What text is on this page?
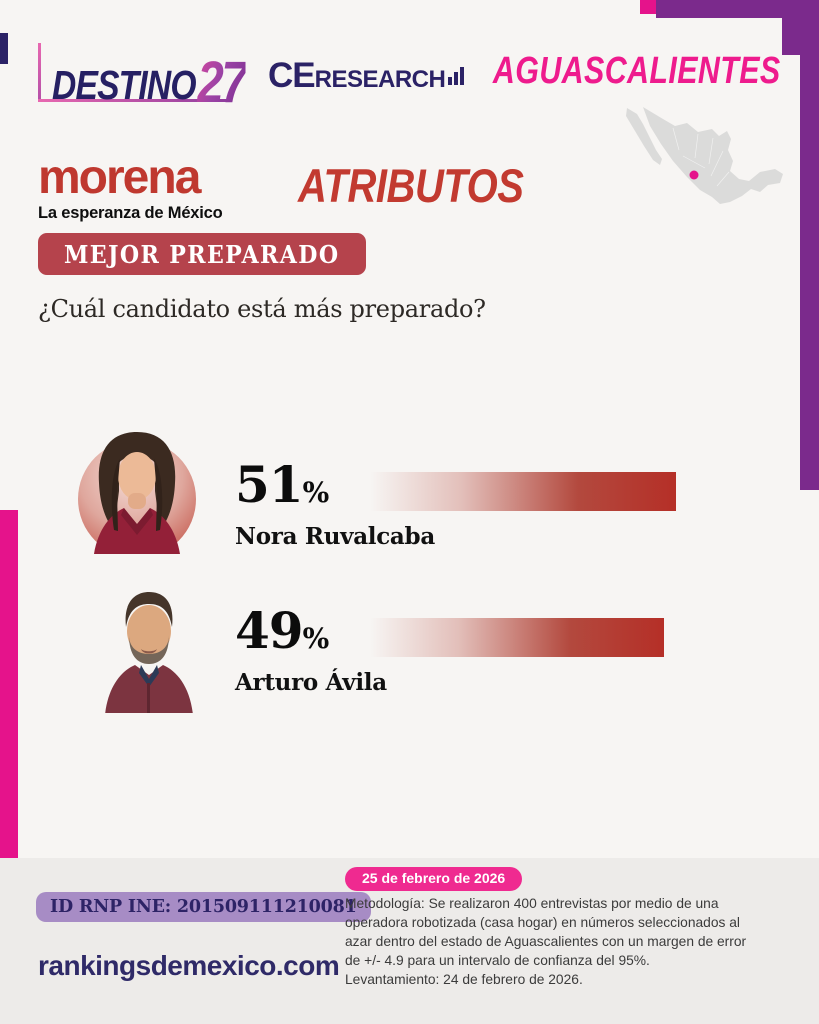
DESTINO27 CE RESEARCH AGUASCALIENTES
morena
La esperanza de México
ATRIBUTOS
MEJOR PREPARADO
¿Cuál candidato está más preparado?
51%
Nora Ruvalcaba
49%
Arturo Ávila
ID RNP INE: 201509111210081
rankingsdemexico.com
25 de febrero de 2026

Metodología: Se realizaron 400 entrevistas por medio de una operadora robotizada (casa hogar) en números seleccionados al azar dentro del estado de Aguascalientes con un margen de error de +/- 4.9 para un intervalo de confianza del 95%.

Levantamiento: 24 de febrero de 2026.
